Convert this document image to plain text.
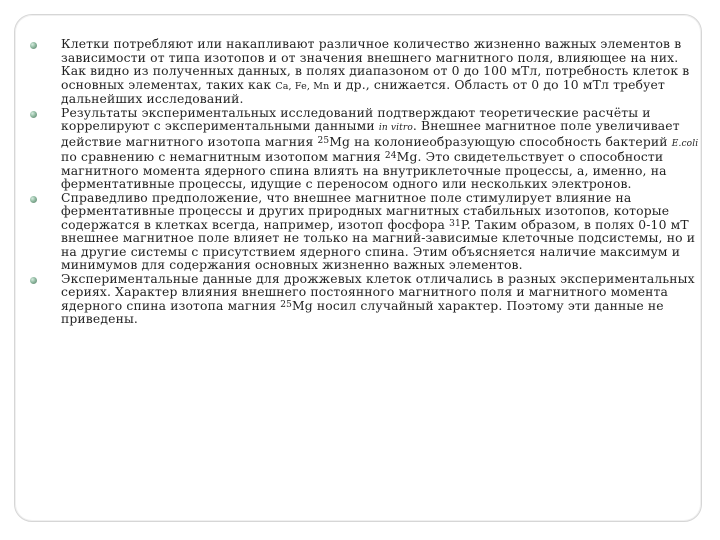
Клетки потребляют или накапливают различное количество жизненно важных элементов в зависимости от типа изотопов и от значения внешнего магнитного поля, влияющее на них. Как видно из полученных данных, в полях диапазоном от 0 до 100 мТл, потребность клеток в основных элементах, таких как Ca, Fe, Mn и др., снижается. Область от 0 до 10 мТл требует дальнейших исследований.
Результаты экспериментальных исследований подтверждают теоретические расчёты и коррелируют с экспериментальными данными in vitro. Внешнее магнитное поле увеличивает действие магнитного изотопа магния $^{25}$Mg на колониеобразующую способность бактерий E.coli по сравнению с немагнитным изотопом магния $^{24}$Mg. Это свидетельствует о способности магнитного момента ядерного спина влиять на внутриклеточные процессы, а, именно, на ферментативные процессы, идущие с переносом одного или нескольких электронов.
Справедливо предположение, что внешнее магнитное поле стимулирует влияние на ферментативные процессы и других природных магнитных стабильных изотопов, которые содержатся в клетках всегда, например, изотоп фосфора $^{31}$P. Таким образом, в полях 0-10 мТ внешнее магнитное поле влияет не только на магний-зависимые клеточные подсистемы, но и на другие системы с присутствием ядерного спина. Этим объясняется наличие максимум и минимумов для содержания основных жизненно важных элементов.
Экспериментальные данные для дрожжевых клеток отличались в разных экспериментальных сериях. Характер влияния внешнего постоянного магнитного поля и магнитного момента ядерного спина изотопа магния $^{25}$Mg носил случайный характер. Поэтому эти данные не приведены.
